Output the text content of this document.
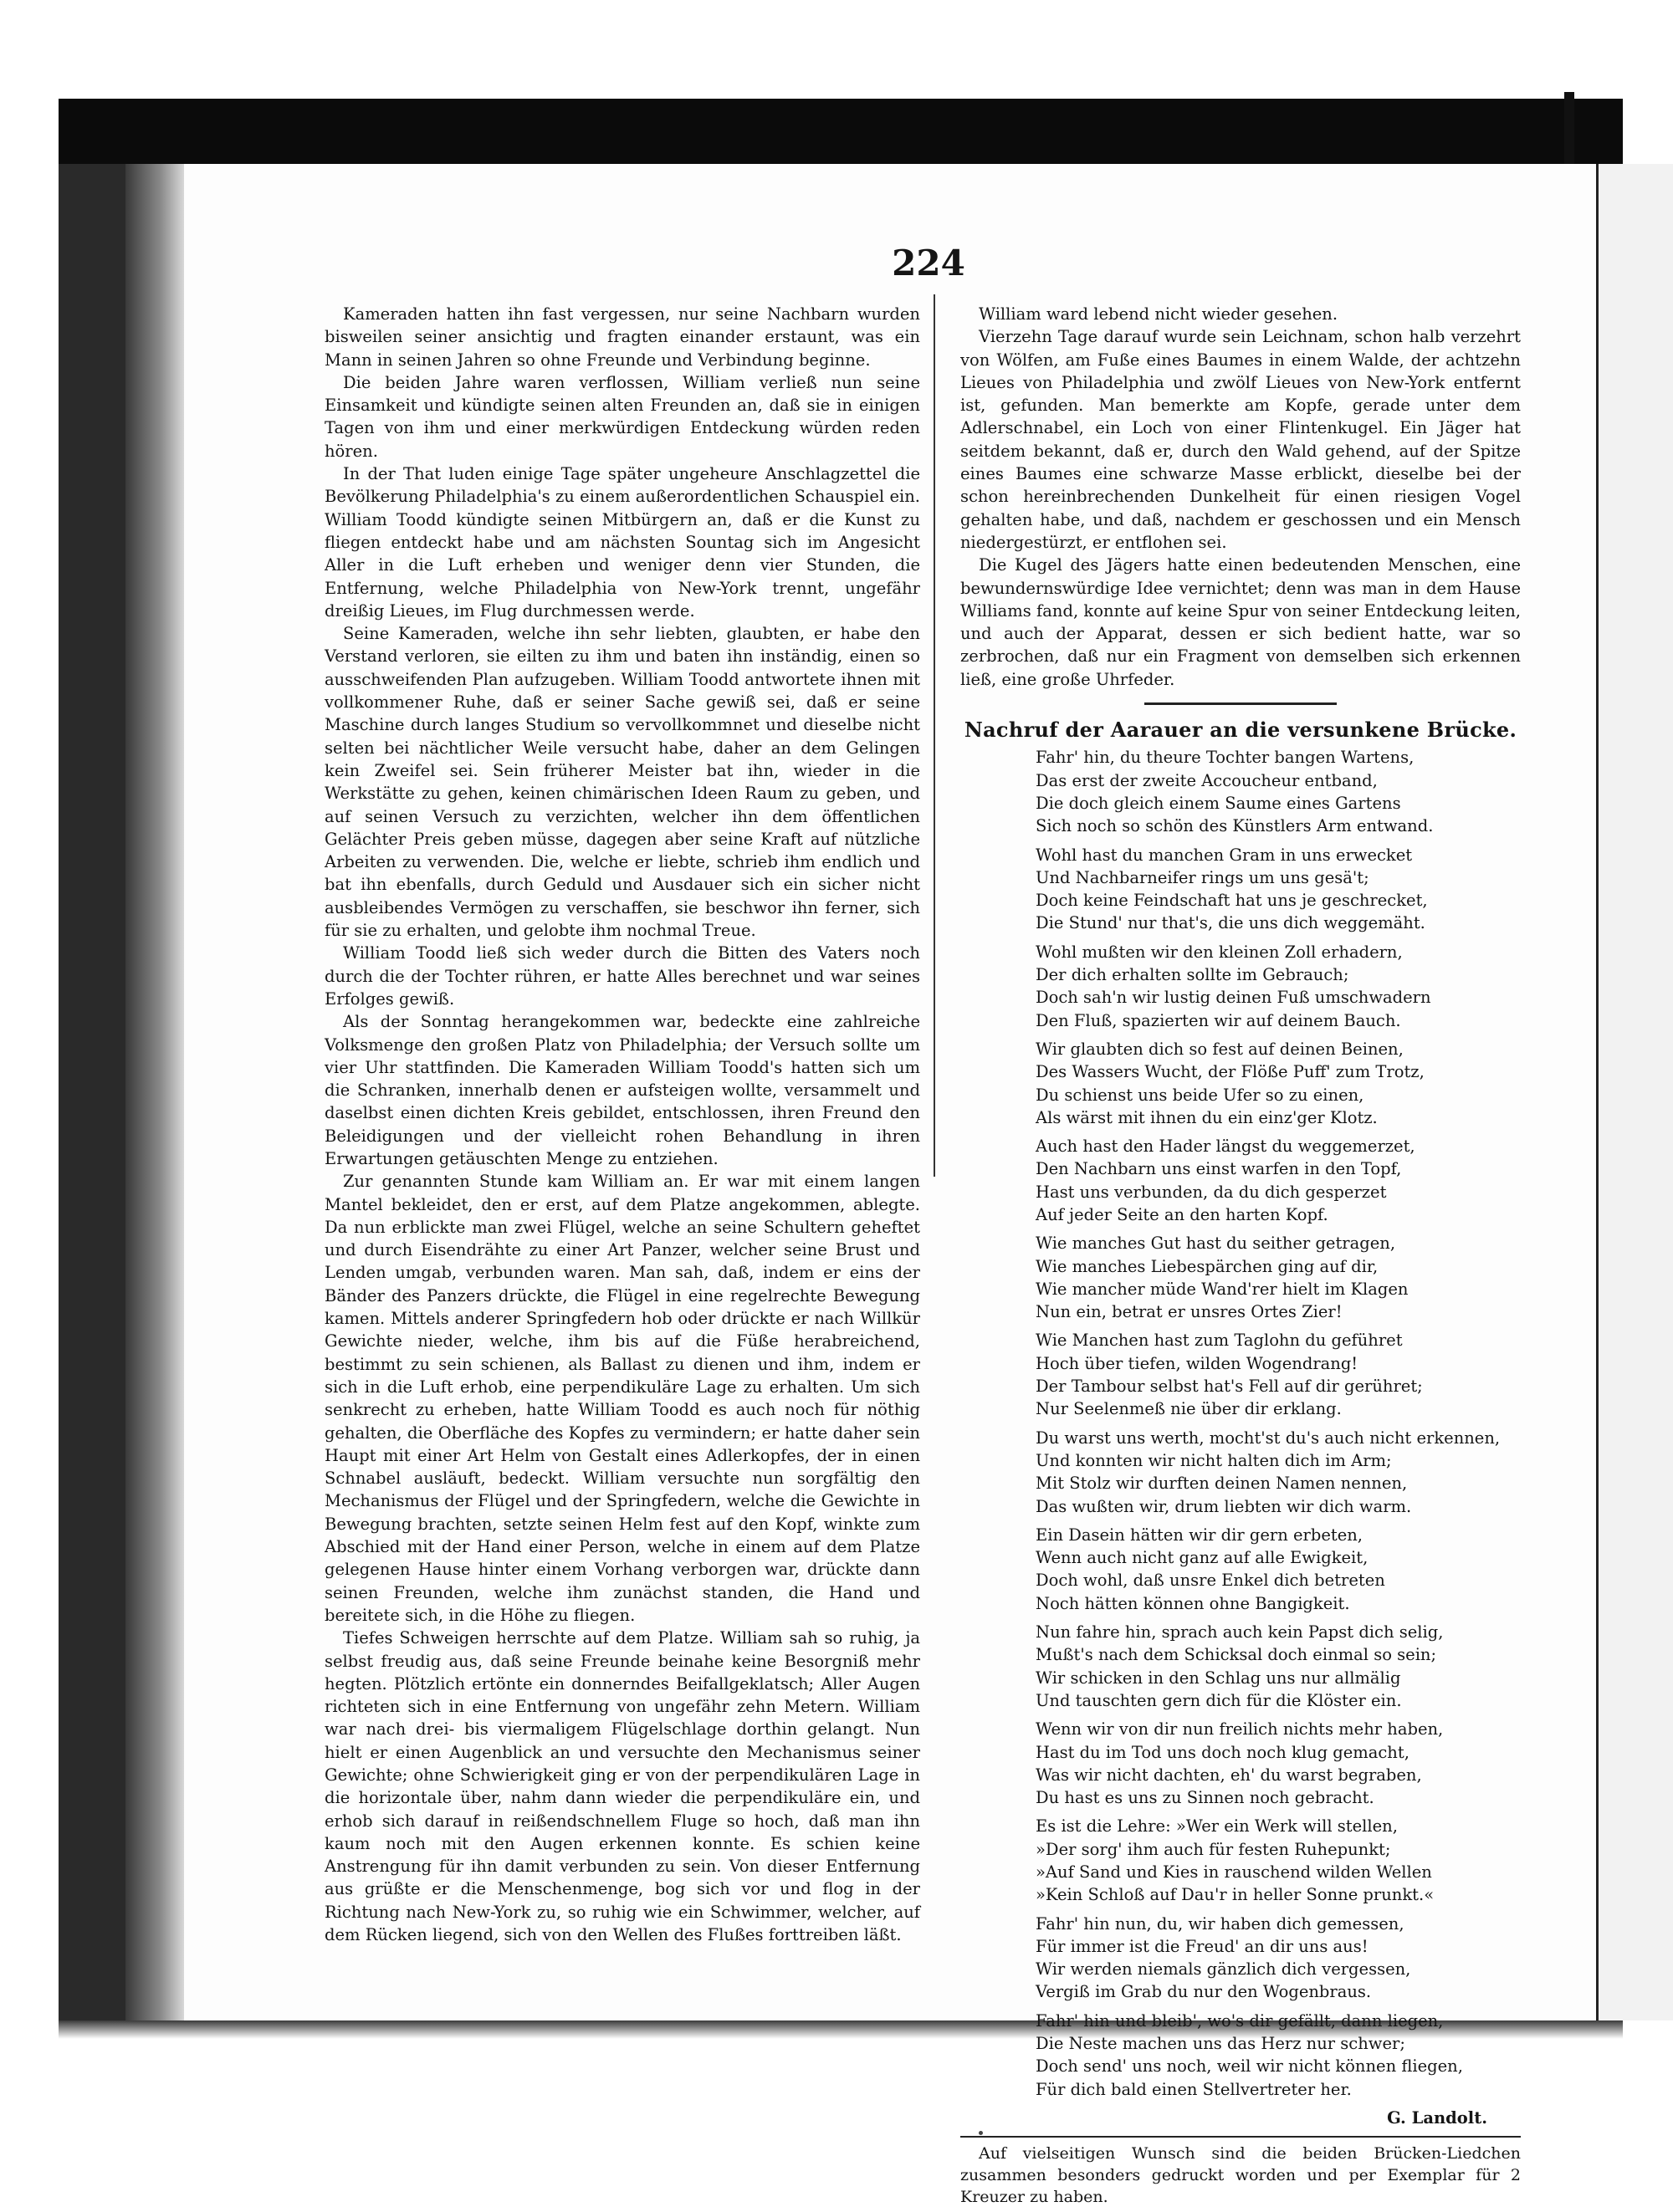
224

Kameraden hatten ihn fast vergessen, nur seine Nachbarn wurden bisweilen seiner ansichtig und fragten einander erstaunt, was ein Mann in seinen Jahren so ohne Freunde und Verbindung beginne.

Die beiden Jahre waren verflossen, William verließ nun seine Einsamkeit und kündigte seinen alten Freunden an, daß sie in einigen Tagen von ihm und einer merkwürdigen Entdeckung würden reden hören.

In der That luden einige Tage später ungeheure Anschlagzettel die Bevölkerung Philadelphia's zu einem außerordentlichen Schauspiel ein. William Toodd kündigte seinen Mitbürgern an, daß er die Kunst zu fliegen entdeckt habe und am nächsten Sountag sich im Angesicht Aller in die Luft erheben und weniger denn vier Stunden, die Entfernung, welche Philadelphia von New-York trennt, ungefähr dreißig Lieues, im Flug durchmessen werde.

Seine Kameraden, welche ihn sehr liebten, glaubten, er habe den Verstand verloren, sie eilten zu ihm und baten ihn inständig, einen so ausschweifenden Plan aufzugeben. William Toodd antwortete ihnen mit vollkommener Ruhe, daß er seiner Sache gewiß sei, daß er seine Maschine durch langes Studium so vervollkommnet und dieselbe nicht selten bei nächtlicher Weile versucht habe, daher an dem Gelingen kein Zweifel sei. Sein früherer Meister bat ihn, wieder in die Werkstätte zu gehen, keinen chimärischen Ideen Raum zu geben, und auf seinen Versuch zu verzichten, welcher ihn dem öffentlichen Gelächter Preis geben müsse, dagegen aber seine Kraft auf nützliche Arbeiten zu verwenden. Die, welche er liebte, schrieb ihm endlich und bat ihn ebenfalls, durch Geduld und Ausdauer sich ein sicher nicht ausbleibendes Vermögen zu verschaffen, sie beschwor ihn ferner, sich für sie zu erhalten, und gelobte ihm nochmal Treue.

William Toodd ließ sich weder durch die Bitten des Vaters noch durch die der Tochter rühren, er hatte Alles berechnet und war seines Erfolges gewiß.

Als der Sonntag herangekommen war, bedeckte eine zahlreiche Volksmenge den großen Platz von Philadelphia; der Versuch sollte um vier Uhr stattfinden. Die Kameraden William Toodd's hatten sich um die Schranken, innerhalb denen er aufsteigen wollte, versammelt und daselbst einen dichten Kreis gebildet, entschlossen, ihren Freund den Beleidigungen und der vielleicht rohen Behandlung in ihren Erwartungen getäuschten Menge zu entziehen.

Zur genannten Stunde kam William an. Er war mit einem langen Mantel bekleidet, den er erst, auf dem Platze angekommen, ablegte. Da nun erblickte man zwei Flügel, welche an seine Schultern geheftet und durch Eisendrähte zu einer Art Panzer, welcher seine Brust und Lenden umgab, verbunden waren. Man sah, daß, indem er eins der Bänder des Panzers drückte, die Flügel in eine regelrechte Bewegung kamen. Mittels anderer Springfedern hob oder drückte er nach Willkür Gewichte nieder, welche, ihm bis auf die Füße herabreichend, bestimmt zu sein schienen, als Ballast zu dienen und ihm, indem er sich in die Luft erhob, eine perpendikuläre Lage zu erhalten. Um sich senkrecht zu erheben, hatte William Toodd es auch noch für nöthig gehalten, die Oberfläche des Kopfes zu vermindern; er hatte daher sein Haupt mit einer Art Helm von Gestalt eines Adlerkopfes, der in einen Schnabel ausläuft, bedeckt. William versuchte nun sorgfältig den Mechanismus der Flügel und der Springfedern, welche die Gewichte in Bewegung brachten, setzte seinen Helm fest auf den Kopf, winkte zum Abschied mit der Hand einer Person, welche in einem auf dem Platze gelegenen Hause hinter einem Vorhang verborgen war, drückte dann seinen Freunden, welche ihm zunächst standen, die Hand und bereitete sich, in die Höhe zu fliegen.

Tiefes Schweigen herrschte auf dem Platze. William sah so ruhig, ja selbst freudig aus, daß seine Freunde beinahe keine Besorgniß mehr hegten. Plötzlich ertönte ein donnerndes Beifallgeklatsch; Aller Augen richteten sich in eine Entfernung von ungefähr zehn Metern. William war nach drei- bis viermaligem Flügelschlage dorthin gelangt. Nun hielt er einen Augenblick an und versuchte den Mechanismus seiner Gewichte; ohne Schwierigkeit ging er von der perpendikulären Lage in die horizontale über, nahm dann wieder die perpendikuläre ein, und erhob sich darauf in reißendschnellem Fluge so hoch, daß man ihn kaum noch mit den Augen erkennen konnte. Es schien keine Anstrengung für ihn damit verbunden zu sein. Von dieser Entfernung aus grüßte er die Menschenmenge, bog sich vor und flog in der Richtung nach New-York zu, so ruhig wie ein Schwimmer, welcher, auf dem Rücken liegend, sich von den Wellen des Flußes forttreiben läßt.

William ward lebend nicht wieder gesehen.

Vierzehn Tage darauf wurde sein Leichnam, schon halb verzehrt von Wölfen, am Fuße eines Baumes in einem Walde, der achtzehn Lieues von Philadelphia und zwölf Lieues von New-York entfernt ist, gefunden. Man bemerkte am Kopfe, gerade unter dem Adlerschnabel, ein Loch von einer Flintenkugel. Ein Jäger hat seitdem bekannt, daß er, durch den Wald gehend, auf der Spitze eines Baumes eine schwarze Masse erblickt, dieselbe bei der schon hereinbrechenden Dunkelheit für einen riesigen Vogel gehalten habe, und daß, nachdem er geschossen und ein Mensch niedergestürzt, er entflohen sei.

Die Kugel des Jägers hatte einen bedeutenden Menschen, eine bewundernswürdige Idee vernichtet; denn was man in dem Hause Williams fand, konnte auf keine Spur von seiner Entdeckung leiten, und auch der Apparat, dessen er sich bedient hatte, war so zerbrochen, daß nur ein Fragment von demselben sich erkennen ließ, eine große Uhrfeder.

Nachruf der Aarauer an die versunkene Brücke.
Fahr' hin, du theure Tochter bangen Wartens,
Das erst der zweite Accoucheur entband,
Die doch gleich einem Saume eines Gartens
Sich noch so schön des Künstlers Arm entwand.
Wohl hast du manchen Gram in uns erwecket
Und Nachbarneifer rings um uns gesä't;
Doch keine Feindschaft hat uns je geschrecket,
Die Stund' nur that's, die uns dich weggemäht.
Wohl mußten wir den kleinen Zoll erhadern,
Der dich erhalten sollte im Gebrauch;
Doch sah'n wir lustig deinen Fuß umschwadern
Den Fluß, spazierten wir auf deinem Bauch.
Wir glaubten dich so fest auf deinen Beinen,
Des Wassers Wucht, der Flöße Puff' zum Trotz,
Du schienst uns beide Ufer so zu einen,
Als wärst mit ihnen du ein einz'ger Klotz.
Auch hast den Hader längst du weggemerzet,
Den Nachbarn uns einst warfen in den Topf,
Hast uns verbunden, da du dich gesperzet
Auf jeder Seite an den harten Kopf.
Wie manches Gut hast du seither getragen,
Wie manches Liebespärchen ging auf dir,
Wie mancher müde Wand'rer hielt im Klagen
Nun ein, betrat er unsres Ortes Zier!
Wie Manchen hast zum Taglohn du geführet
Hoch über tiefen, wilden Wogendrang!
Der Tambour selbst hat's Fell auf dir gerühret;
Nur Seelenmeß nie über dir erklang.
Du warst uns werth, mocht'st du's auch nicht erkennen,
Und konnten wir nicht halten dich im Arm;
Mit Stolz wir durften deinen Namen nennen,
Das wußten wir, drum liebten wir dich warm.
Ein Dasein hätten wir dir gern erbeten,
Wenn auch nicht ganz auf alle Ewigkeit,
Doch wohl, daß unsre Enkel dich betreten
Noch hätten können ohne Bangigkeit.
Nun fahre hin, sprach auch kein Papst dich selig,
Mußt's nach dem Schicksal doch einmal so sein;
Wir schicken in den Schlag uns nur allmälig
Und tauschten gern dich für die Klöster ein.
Wenn wir von dir nun freilich nichts mehr haben,
Hast du im Tod uns doch noch klug gemacht,
Was wir nicht dachten, eh' du warst begraben,
Du hast es uns zu Sinnen noch gebracht.
Es ist die Lehre: »Wer ein Werk will stellen,
»Der sorg' ihm auch für festen Ruhepunkt;
»Auf Sand und Kies in rauschend wilden Wellen
»Kein Schloß auf Dau'r in heller Sonne prunkt.«
Fahr' hin nun, du, wir haben dich gemessen,
Für immer ist die Freud' an dir uns aus!
Wir werden niemals gänzlich dich vergessen,
Vergiß im Grab du nur den Wogenbraus.
Fahr' hin und bleib', wo's dir gefällt, dann liegen,
Die Neste machen uns das Herz nur schwer;
Doch send' uns noch, weil wir nicht können fliegen,
Für dich bald einen Stellvertreter her.
G. Landolt.
Auf vielseitigen Wunsch sind die beiden Brücken-Liedchen zusammen besonders gedruckt worden und per Exemplar für 2 Kreuzer zu haben.
